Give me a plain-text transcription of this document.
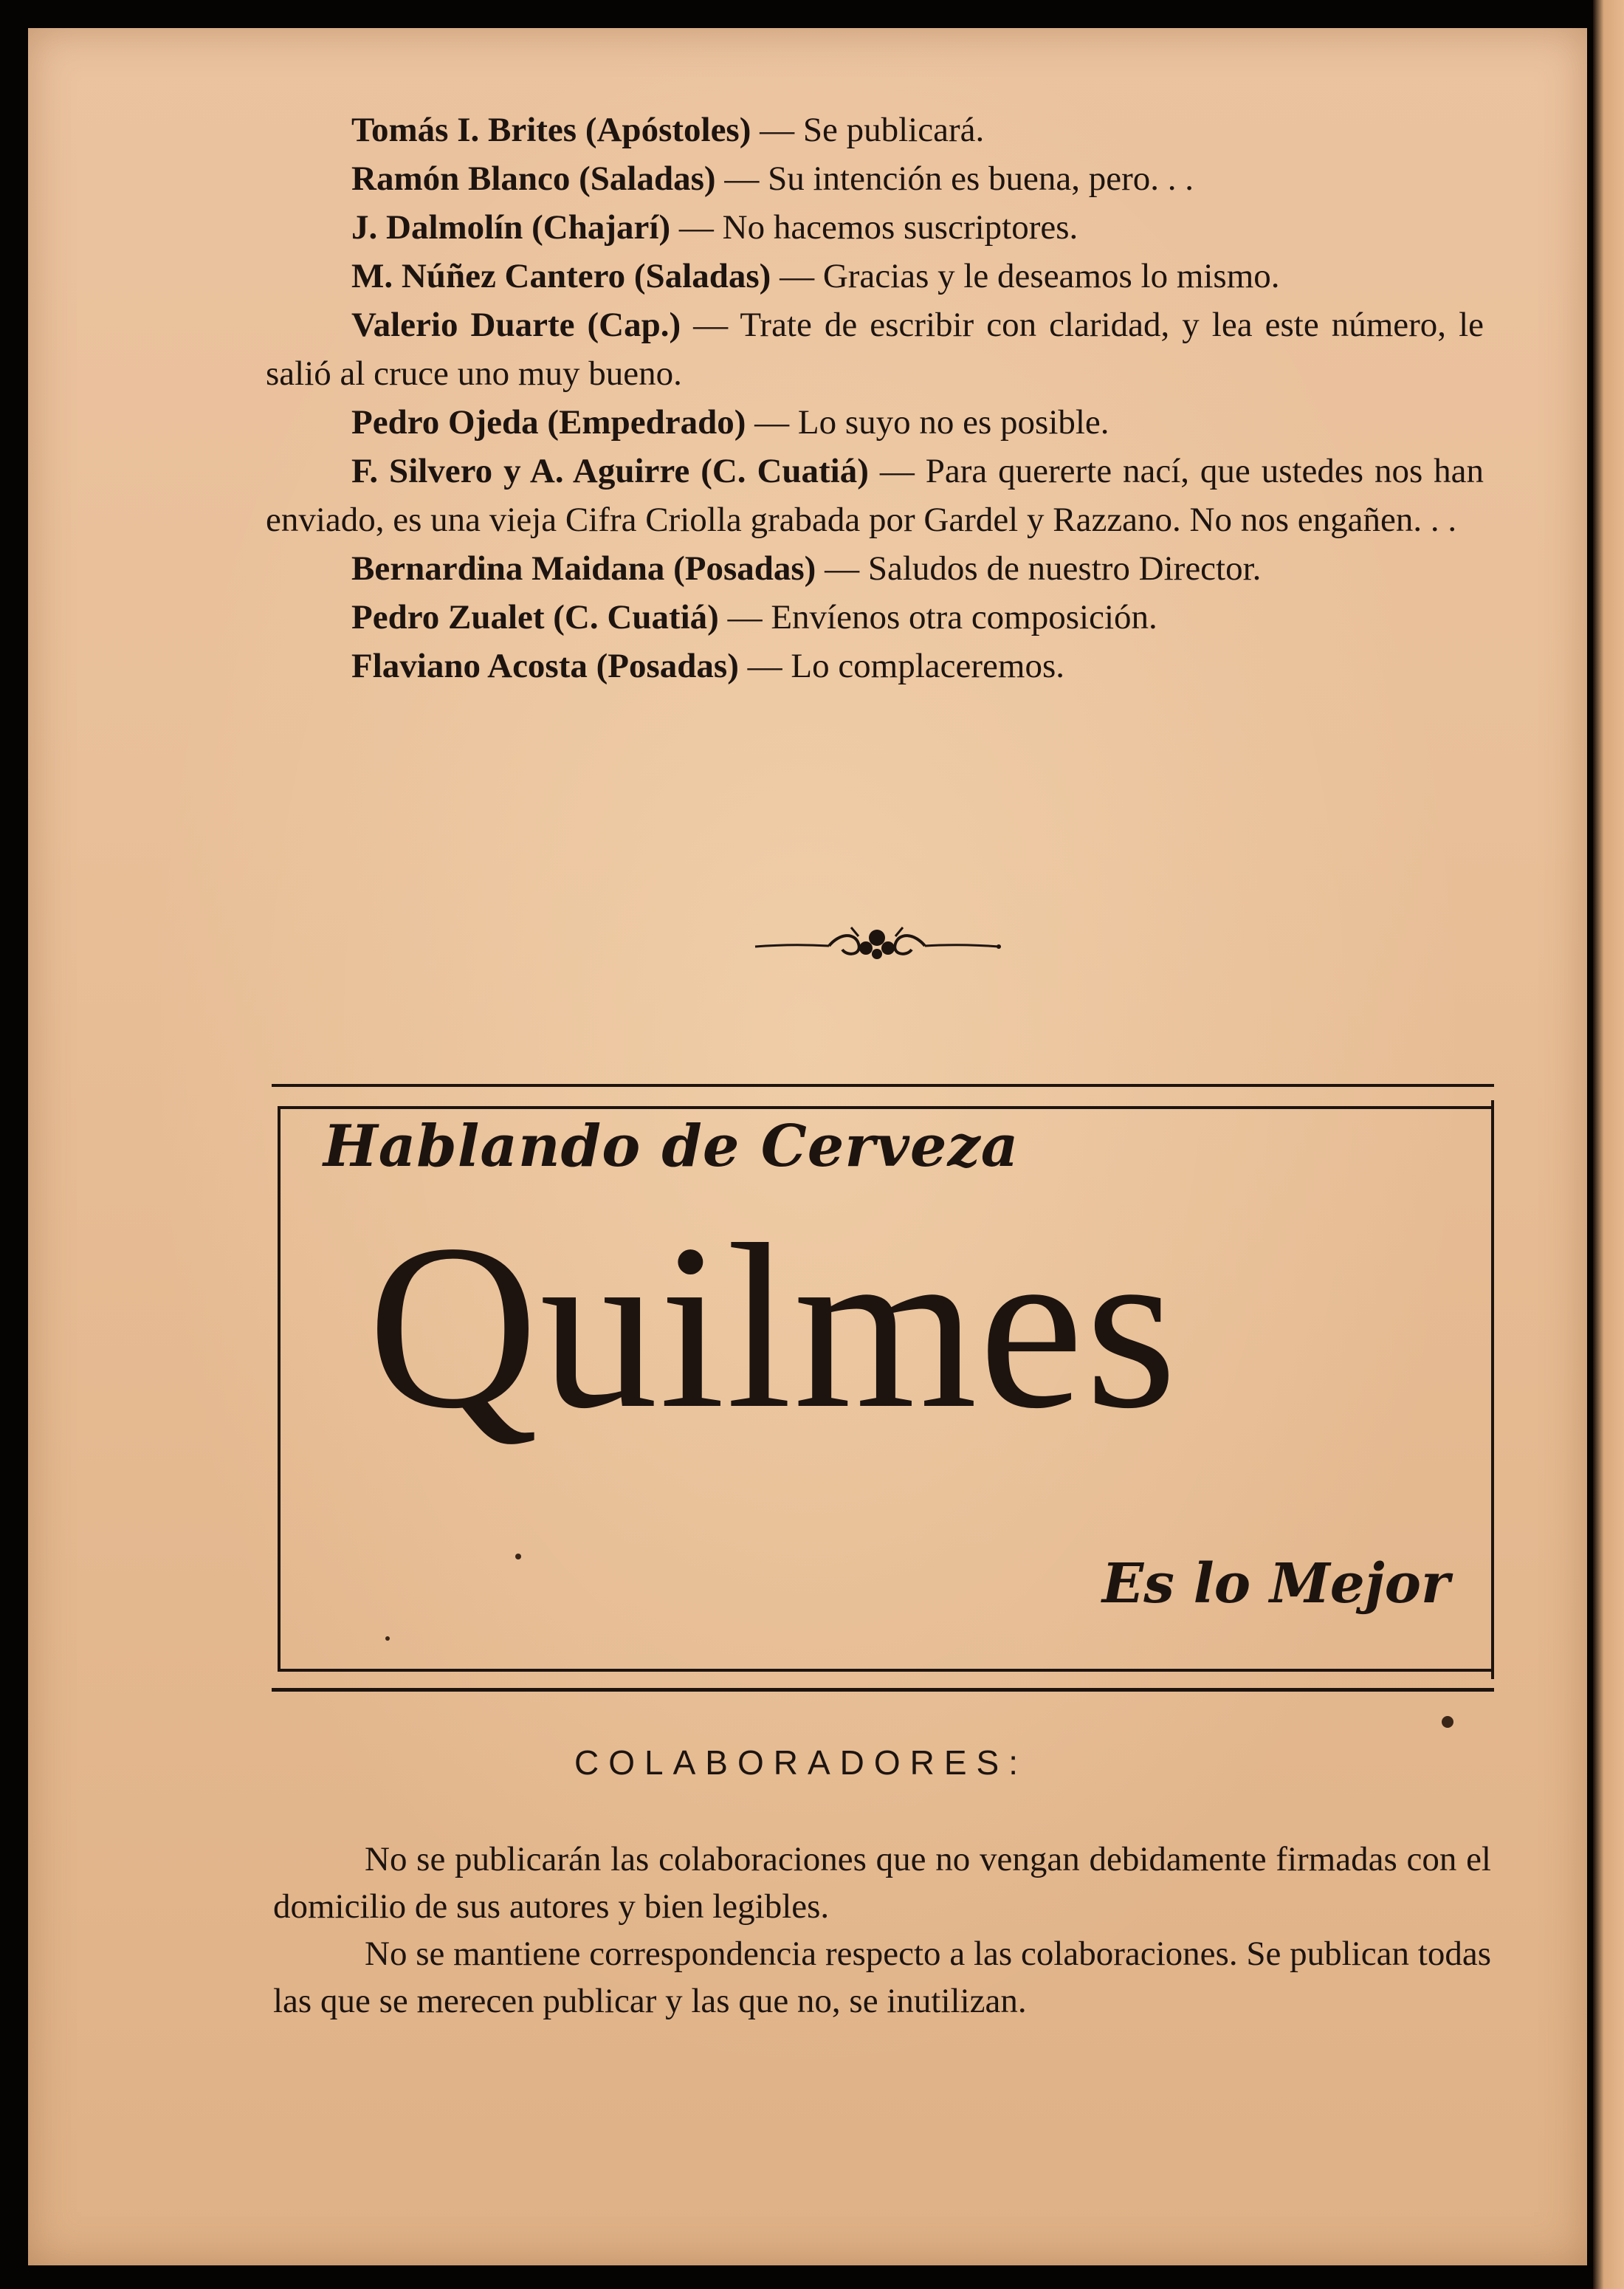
Tomás I. Brites (Apóstoles) — Se publicará.

Ramón Blanco (Saladas) — Su intención es buena, pero. . .

J. Dalmolín (Chajarí) — No hacemos suscriptores.

M. Núñez Cantero (Saladas) — Gracias y le deseamos lo mismo.

Valerio Duarte (Cap.) — Trate de escribir con claridad, y lea este número, le salió al cruce uno muy bueno.

Pedro Ojeda (Empedrado) — Lo suyo no es posible.

F. Silvero y A. Aguirre (C. Cuatiá) — Para quererte nací, que ustedes nos han enviado, es una vieja Cifra Criolla grabada por Gardel y Razzano. No nos engañen. . .

Bernardina Maidana (Posadas) — Saludos de nuestro Director.

Pedro Zualet (C. Cuatiá) — Envíenos otra composición.

Flaviano Acosta (Posadas) — Lo complaceremos.

Hablando de Cerveza
Quilmes
Es lo Mejor
COLABORADORES:

No se publicarán las colaboraciones que no vengan debidamente firmadas con el domicilio de sus autores y bien legibles.

No se mantiene correspondencia respecto a las colaboraciones. Se publican todas las que se merecen publicar y las que no, se inutilizan.
